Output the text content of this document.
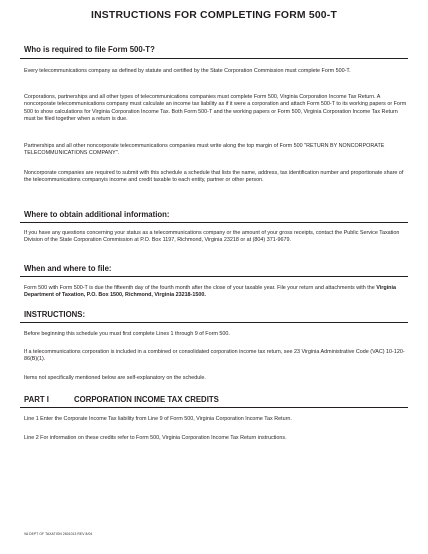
INSTRUCTIONS FOR COMPLETING FORM 500-T
Who is required to file Form 500-T?

Every telecommunications company as defined by statute and certified by the State Corporation Commission must complete Form 500-T.

Corporations, partnerships and all other types of telecommunications companies must complete Form 500, Virginia Corporation Income Tax Return. A noncorporate telecommunications company must calculate an income tax liability as if it were a corporation and attach Form 500-T to its working papers or Form 500 to show calculations for Virginia Corporation Income Tax. Both Form 500-T and the working papers or Form 500, Virginia Corporation Income Tax Return must be filed together when a return is due.

Partnerships and all other noncorporate telecommunications companies must write along the top margin of Form 500 "RETURN BY NONCORPORATE TELECOMMUNICATIONS COMPANY".

Noncorporate companies are required to submit with this schedule a schedule that lists the name, address, tax identification number and proportionate share of the telecommunications companyis income and credit taxable to each entity, partner or other person.

Where to obtain additional information:

If you have any questions concerning your status as a telecommunications company or the amount of your gross receipts, contact the Public Service Taxation Division of the State Corporation Commission at P.O. Box 1197, Richmond, Virginia 23218 or at (804) 371-9679.

When and where to file:

Form 500 with Form 500-T is due the fifteenth day of the fourth month after the close of your taxable year. File your return and attachments with the Virginia Department of Taxation, P.O. Box 1500, Richmond, Virginia 23218-1500.

INSTRUCTIONS:

Before beginning this schedule you must first complete Lines 1 through 9 of Form 500.

If a telecommunications corporation is included in a combined or consolidated corporation income tax return, see 23 Virginia Administrative Code (VAC) 10-120-86(B)(1).

Items not specifically mentioned below are self-explanatory on the schedule.

PART I	CORPORATION INCOME TAX CREDITS

Line 1 Enter the Corporate Income Tax liability from Line 9 of Form 500, Virginia Corporation Income Tax Return.

Line 2 For information on these credits refer to Form 500, Virginia Corporation Income Tax Return instructions.

VA DEPT OF TAXATION 2601013 REV 8/04
